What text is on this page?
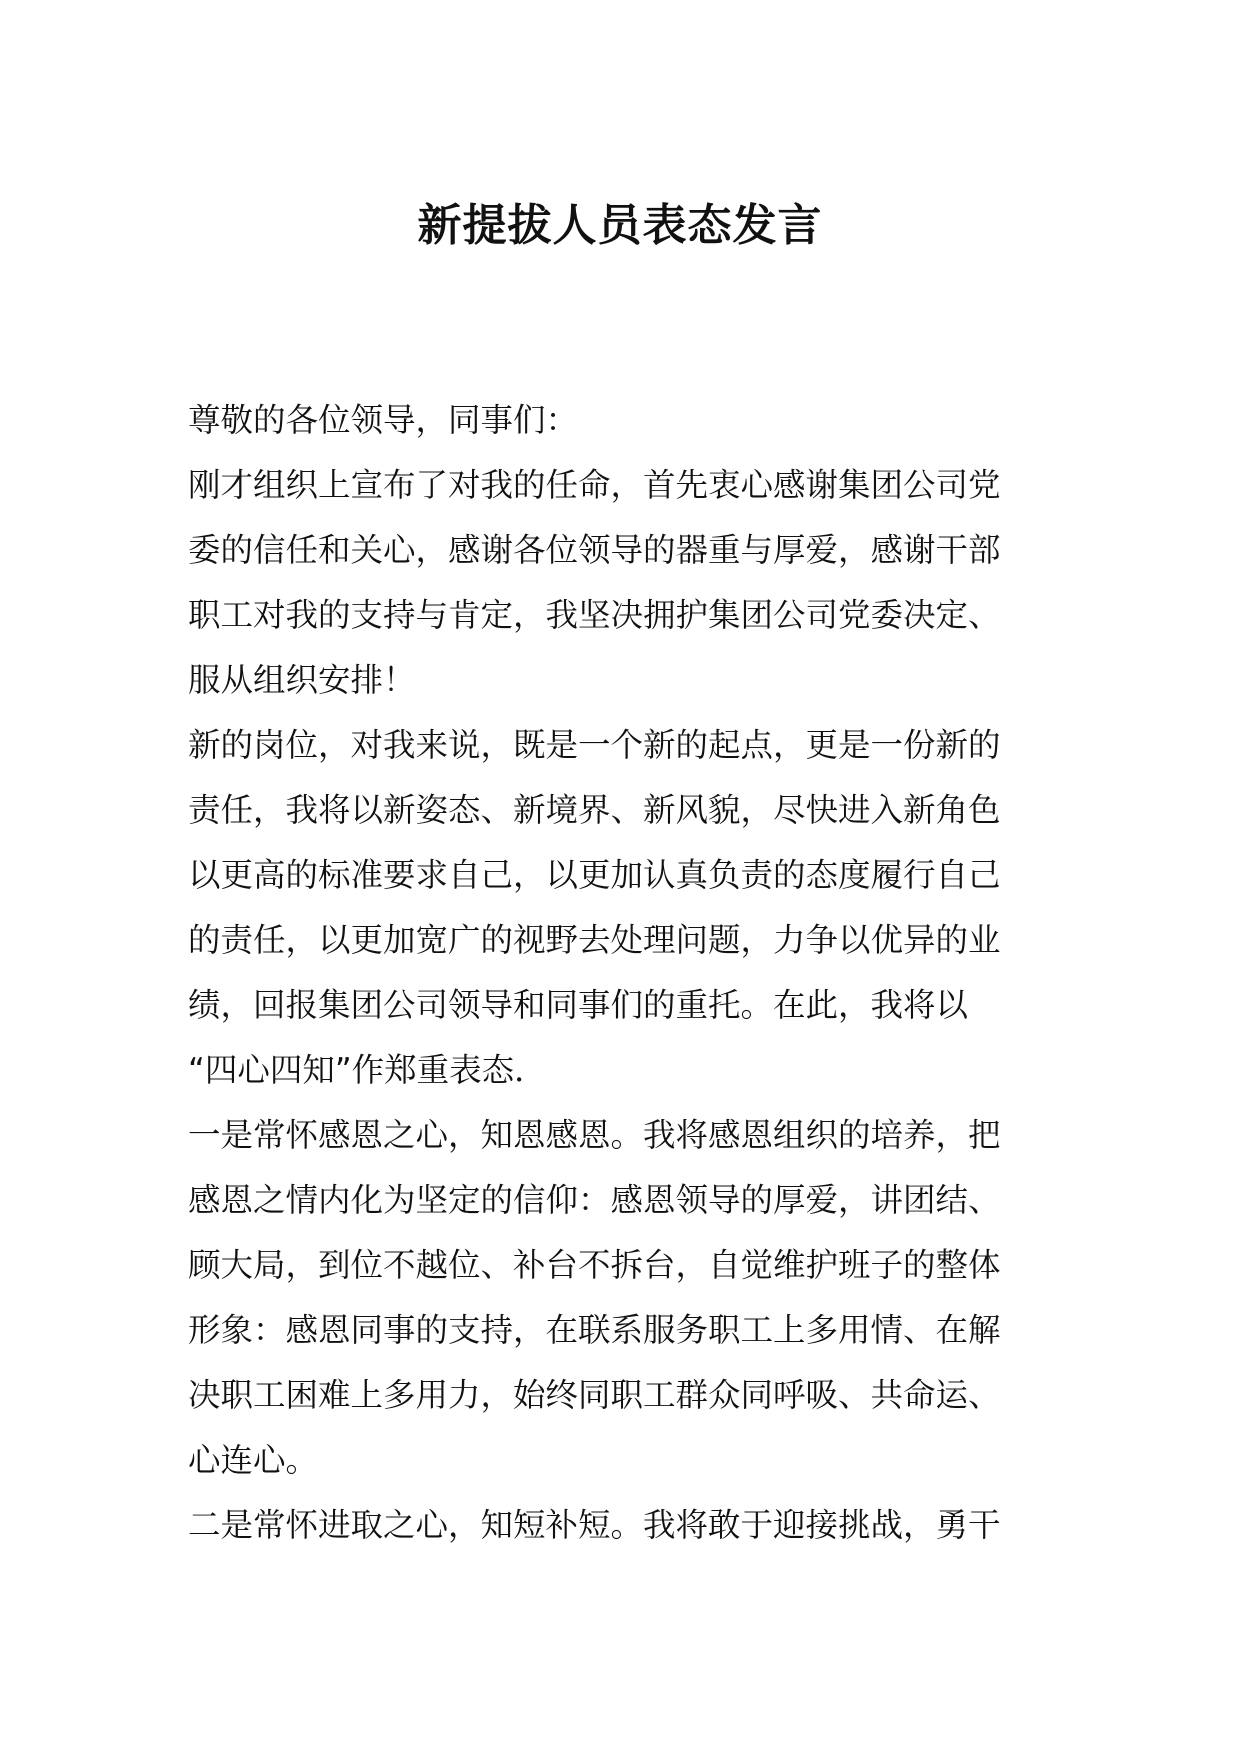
新提拔人员表态发言
尊敬的各位领导，同事们：
刚才组织上宣布了对我的任命，首先衷心感谢集团公司党
委的信任和关心，感谢各位领导的器重与厚爱，感谢干部
职工对我的支持与肯定，我坚决拥护集团公司党委决定、
服从组织安排！
新的岗位，对我来说，既是一个新的起点，更是一份新的
责任，我将以新姿态、新境界、新风貌，尽快进入新角色
以更高的标准要求自己，以更加认真负责的态度履行自己
的责任，以更加宽广的视野去处理问题，力争以优异的业
绩，回报集团公司领导和同事们的重托。在此，我将以
“四心四知”作郑重表态．
一是常怀感恩之心，知恩感恩。我将感恩组织的培养，把
感恩之情内化为坚定的信仰：感恩领导的厚爱，讲团结、
顾大局，到位不越位、补台不拆台，自觉维护班子的整体
形象：感恩同事的支持，在联系服务职工上多用情、在解
决职工困难上多用力，始终同职工群众同呼吸、共命运、
心连心。
二是常怀进取之心，知短补短。我将敢于迎接挑战，勇干
